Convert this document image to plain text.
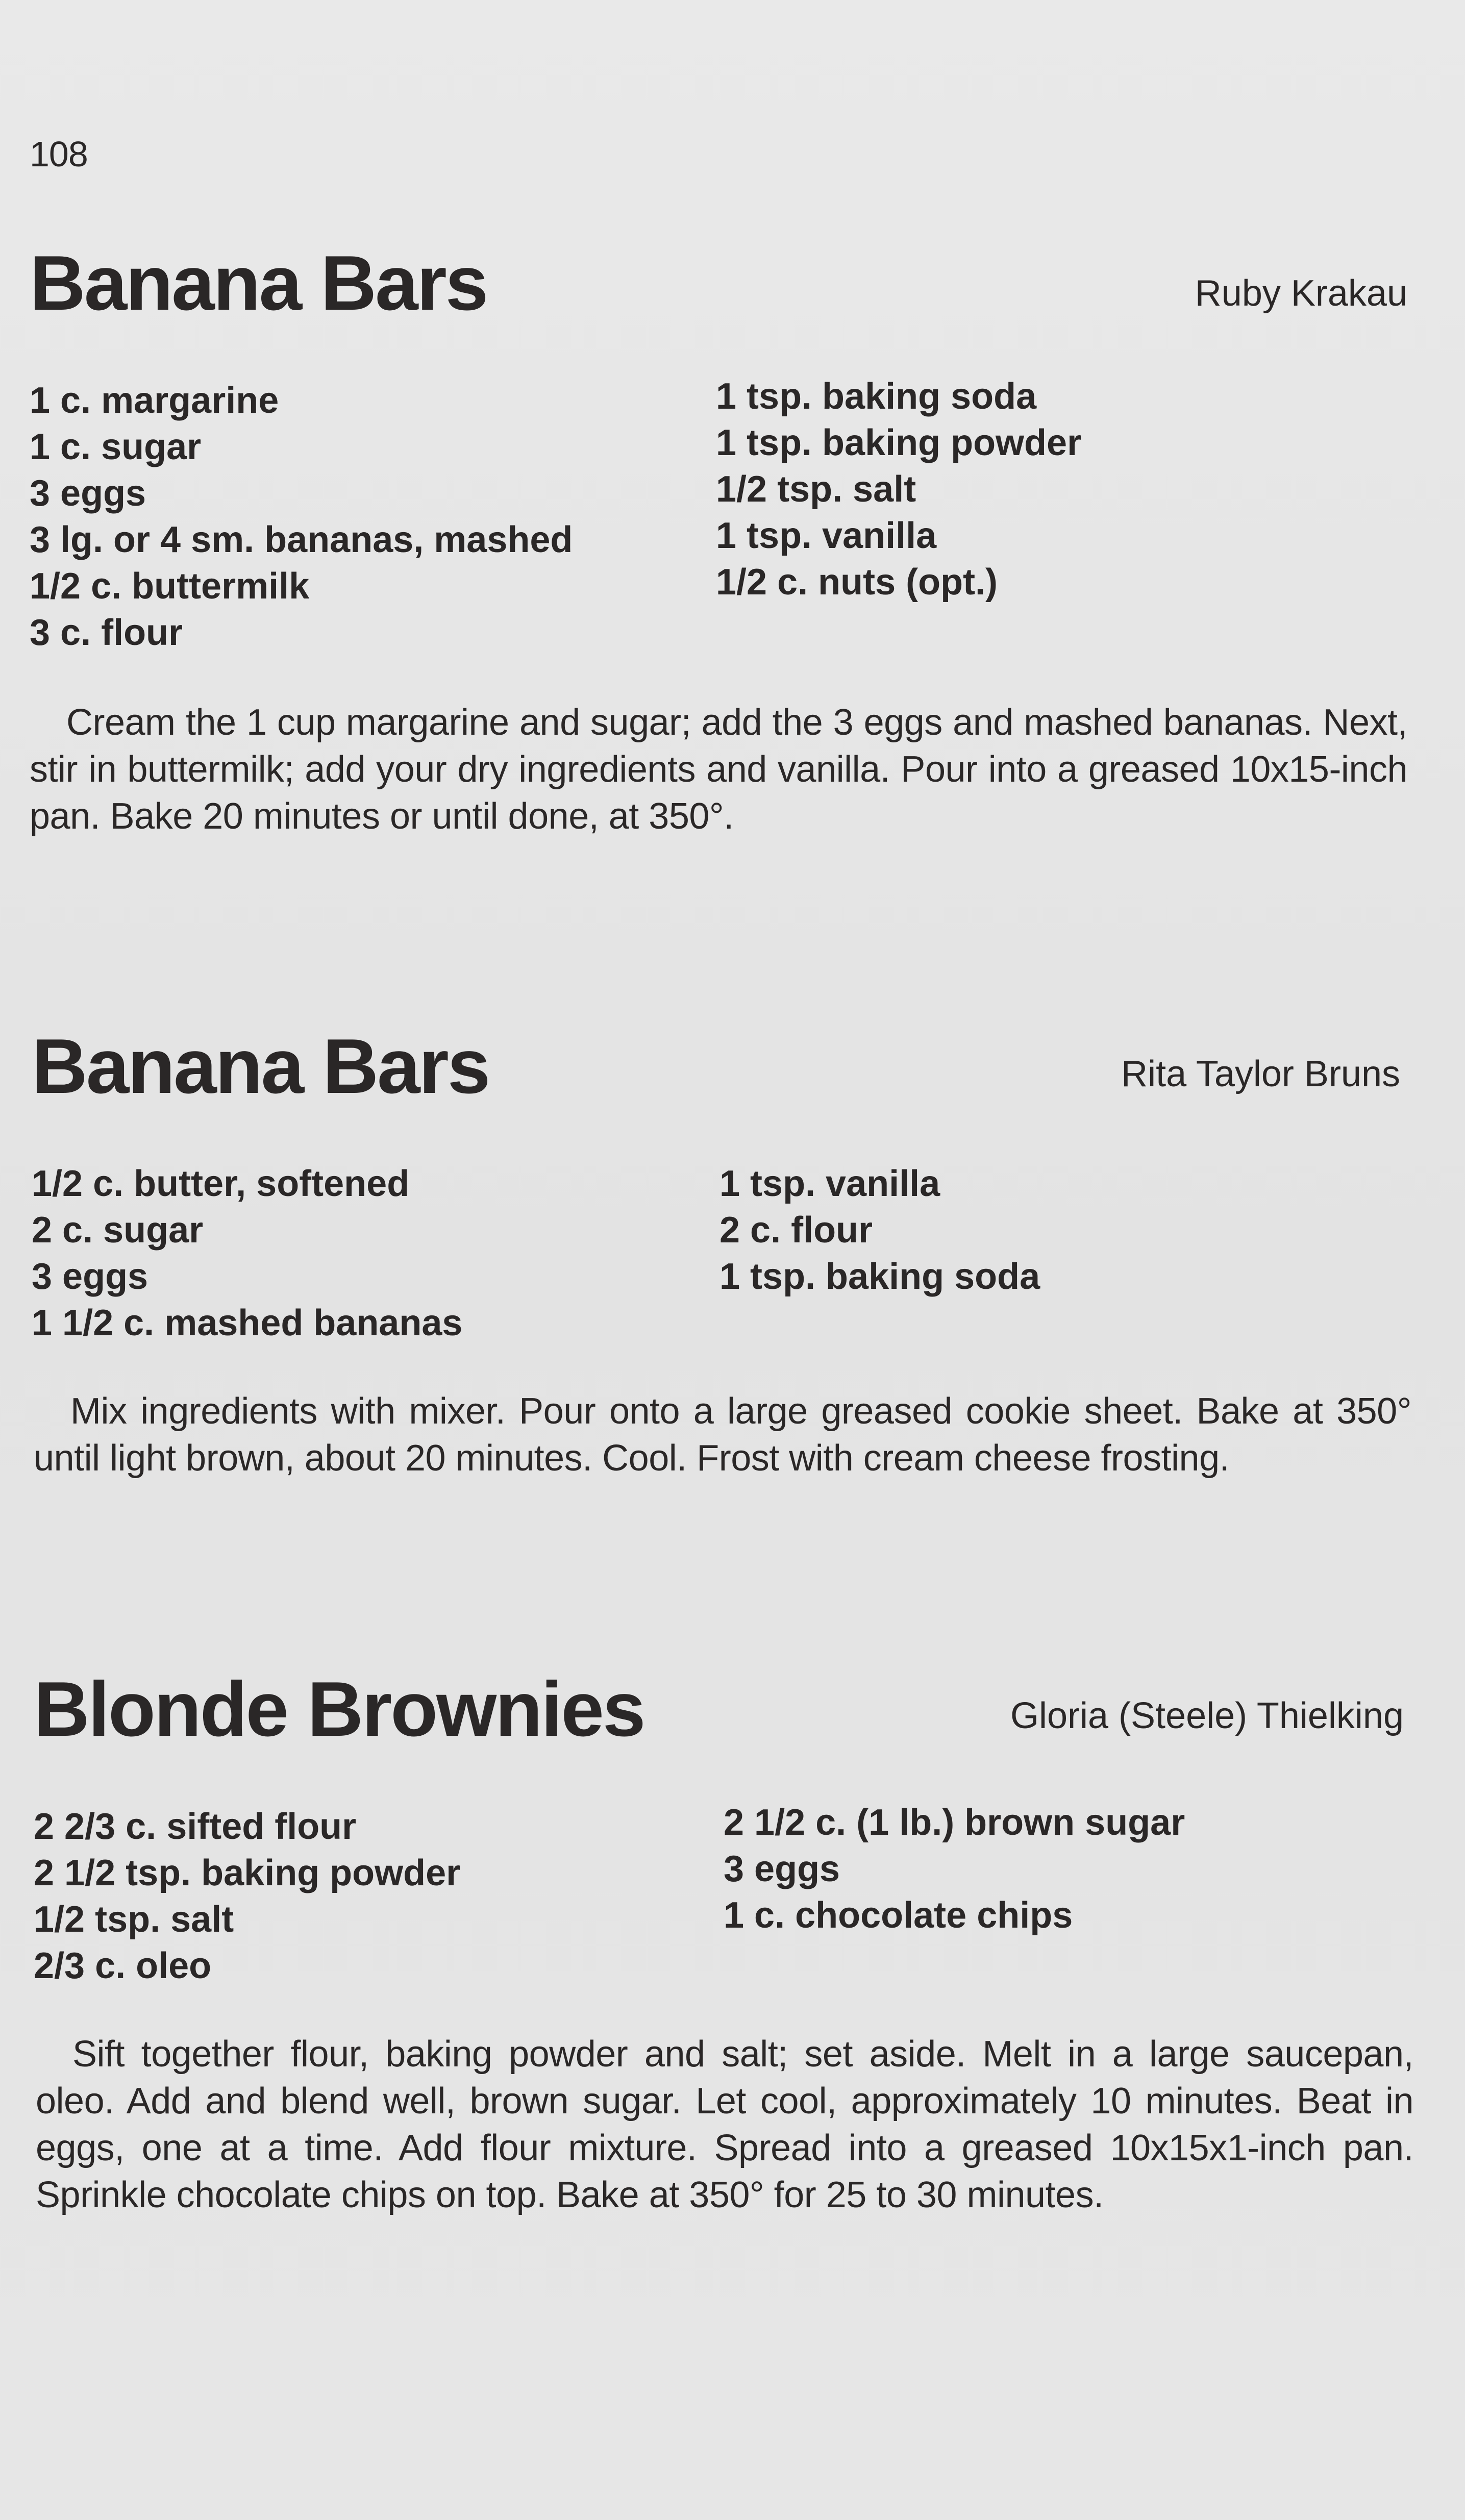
108
Banana Bars	Ruby Krakau
1 c. margarine
1 c. sugar
3 eggs
3 lg. or 4 sm. bananas, mashed
1/2 c. buttermilk
3 c. flour
1 tsp. baking soda
1 tsp. baking powder
1/2 tsp. salt
1 tsp. vanilla
1/2 c. nuts (opt.)

Cream the 1 cup margarine and sugar; add the 3 eggs and mashed bananas. Next, stir in buttermilk; add your dry ingredients and vanilla. Pour into a greased 10x15-inch pan. Bake 20 minutes or until done, at 350°.

Banana Bars	Rita Taylor Bruns
1/2 c. butter, softened
2 c. sugar
3 eggs
1 1/2 c. mashed bananas
1 tsp. vanilla
2 c. flour
1 tsp. baking soda

Mix ingredients with mixer. Pour onto a large greased cookie sheet. Bake at 350° until light brown, about 20 minutes. Cool. Frost with cream cheese frosting.

Blonde Brownies	Gloria (Steele) Thielking
2 2/3 c. sifted flour
2 1/2 tsp. baking powder
1/2 tsp. salt
2/3 c. oleo
2 1/2 c. (1 lb.) brown sugar
3 eggs
1 c. chocolate chips

Sift together flour, baking powder and salt; set aside. Melt in a large saucepan, oleo. Add and blend well, brown sugar. Let cool, approximately 10 minutes. Beat in eggs, one at a time. Add flour mixture. Spread into a greased 10x15x1-inch pan. Sprinkle chocolate chips on top. Bake at 350° for 25 to 30 minutes.
